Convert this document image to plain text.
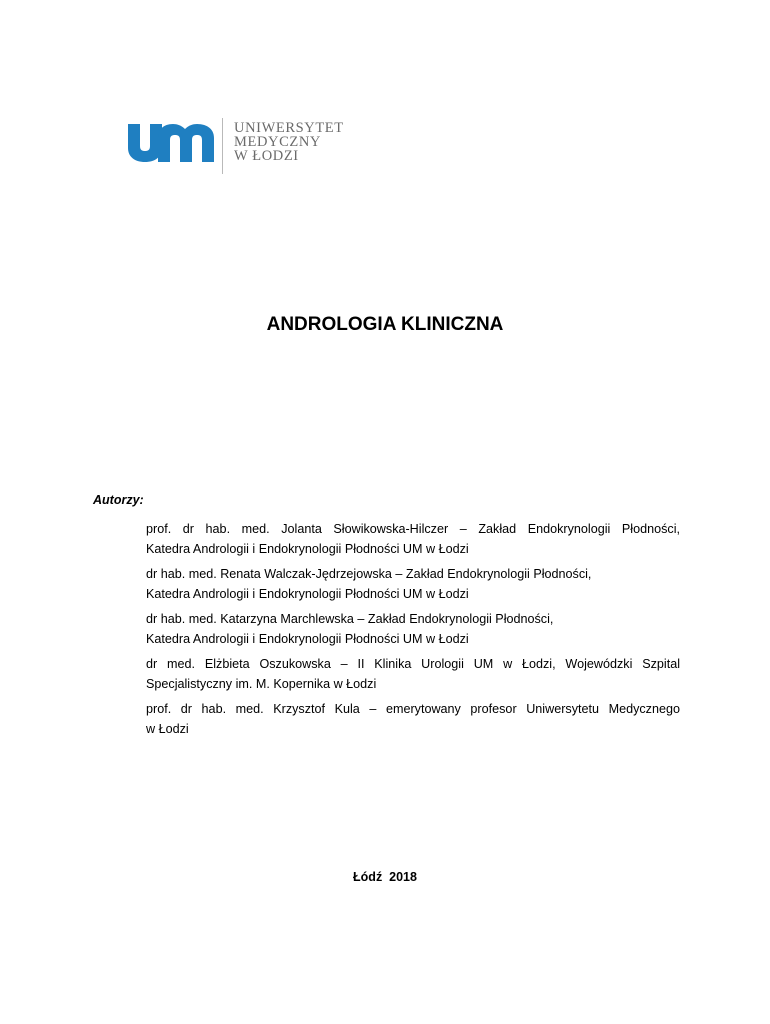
UNIWERSYTET
MEDYCZNY
W ŁODZI
ANDROLOGIA KLINICZNA
Autorzy:
prof. dr hab. med. Jolanta Słowikowska-Hilczer – Zakład Endokrynologii Płodności,
Katedra Andrologii i Endokrynologii Płodności UM w Łodzi
dr hab. med. Renata Walczak-Jędrzejowska – Zakład Endokrynologii Płodności,
Katedra Andrologii i Endokrynologii Płodności UM w Łodzi
dr hab. med. Katarzyna Marchlewska – Zakład Endokrynologii Płodności,
Katedra Andrologii i Endokrynologii Płodności UM w Łodzi
dr med. Elżbieta Oszukowska – II Klinika Urologii UM w Łodzi, Wojewódzki Szpital
Specjalistyczny im. M. Kopernika w Łodzi
prof. dr hab. med. Krzysztof Kula – emerytowany profesor Uniwersytetu Medycznego
w Łodzi
Łódź  2018
